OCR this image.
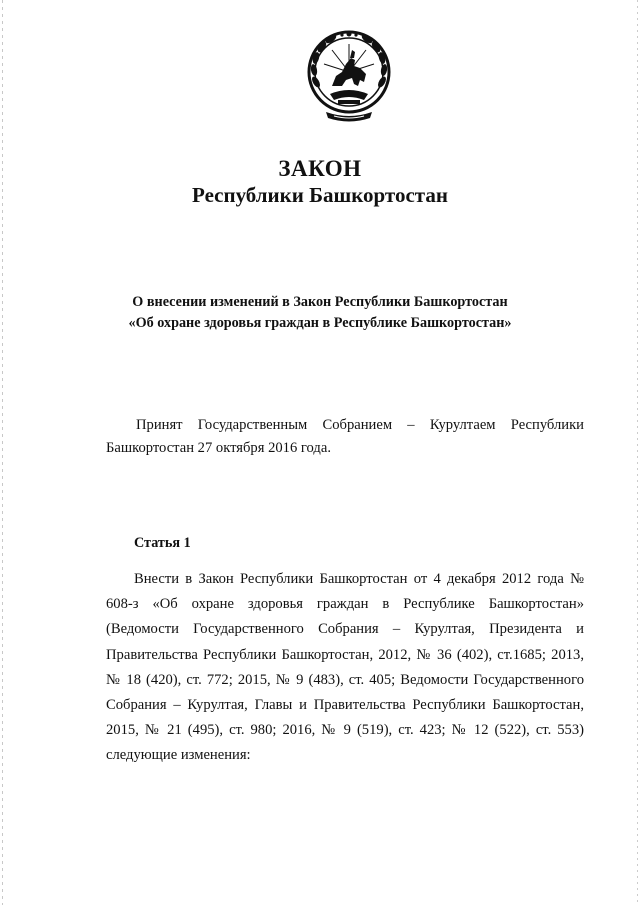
ЗАКОН
Республики Башкортостан
О внесении изменений в Закон Республики Башкортостан
«Об охране здоровья граждан в Республике Башкортостан»
Принят Государственным Собранием – Курултаем Республики Башкортостан 27 октября 2016 года.
Статья 1
Внести в Закон Республики Башкортостан от 4 декабря 2012 года № 608-з «Об охране здоровья граждан в Республике Башкортостан» (Ведомости Государственного Собрания – Курултая, Президента и Правительства Республики Башкортостан, 2012, № 36 (402), ст.1685; 2013, № 18 (420), ст. 772; 2015, № 9 (483), ст. 405; Ведомости Государственного Собрания – Курултая, Главы и Правительства Республики Башкортостан, 2015, № 21 (495), ст. 980; 2016, № 9 (519), ст. 423; № 12 (522), ст. 553) следующие изменения:
